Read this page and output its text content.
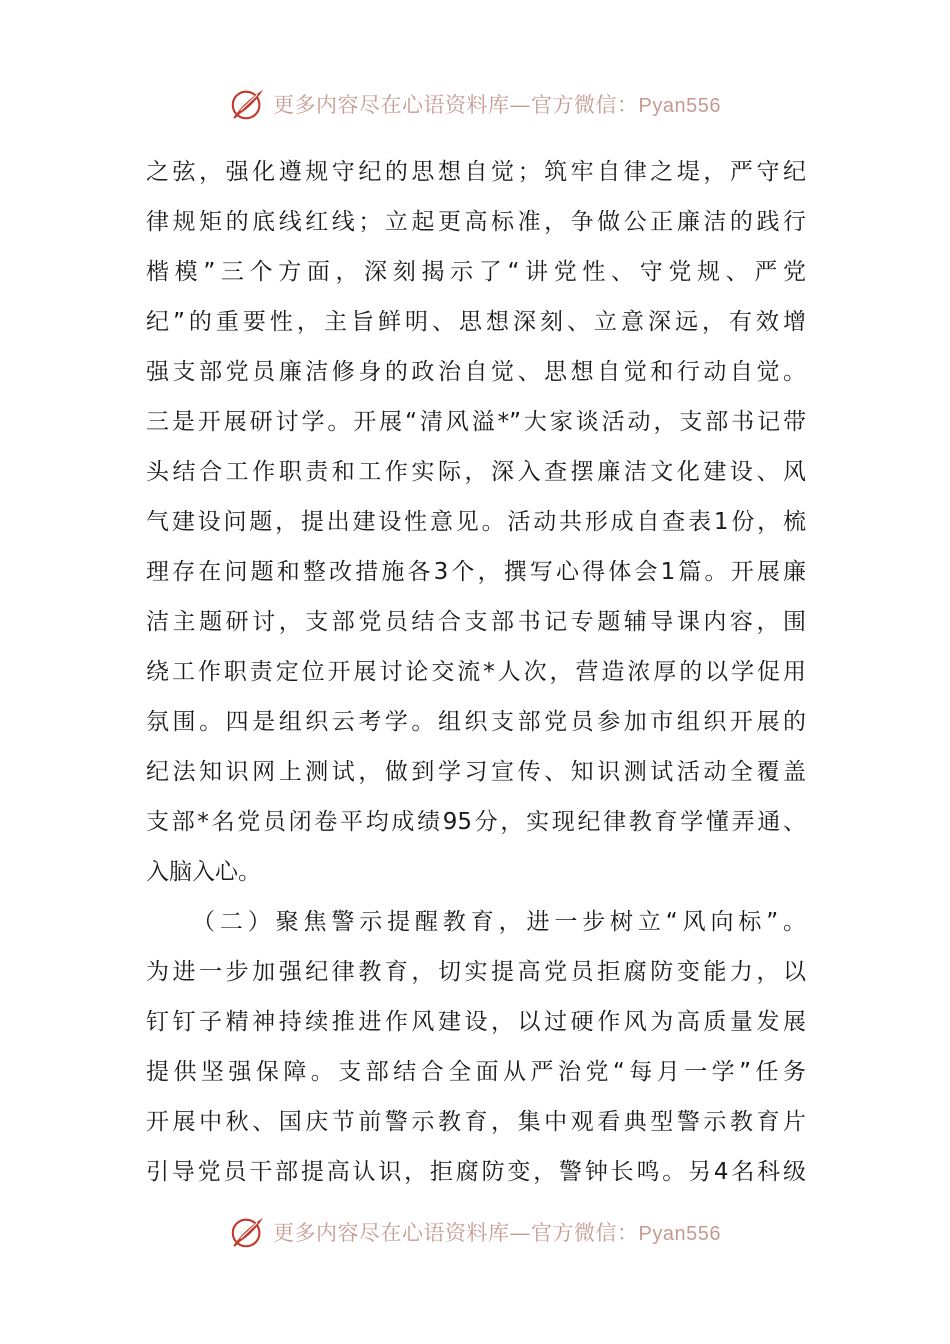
更多内容尽在心语资料库—官方微信：Pyan556
之弦，强化遵规守纪的思想自觉；筑牢自律之堤，严守纪
律规矩的底线红线；立起更高标准，争做公正廉洁的践行
楷模”三个方面，深刻揭示了“讲党性、守党规、严党
纪”的重要性，主旨鲜明、思想深刻、立意深远，有效增
强支部党员廉洁修身的政治自觉、思想自觉和行动自觉。
三是开展研讨学。开展“清风溢*”大家谈活动，支部书记带
头结合工作职责和工作实际，深入查摆廉洁文化建设、风
气建设问题，提出建设性意见。活动共形成自查表1份，梳
理存在问题和整改措施各3个，撰写心得体会1篇。开展廉
洁主题研讨，支部党员结合支部书记专题辅导课内容，围
绕工作职责定位开展讨论交流*人次，营造浓厚的以学促用
氛围。四是组织云考学。组织支部党员参加市组织开展的
纪法知识网上测试，做到学习宣传、知识测试活动全覆盖
支部*名党员闭卷平均成绩95分，实现纪律教育学懂弄通、
入脑入心。
（二）聚焦警示提醒教育，进一步树立“风向标”。
为进一步加强纪律教育，切实提高党员拒腐防变能力，以
钉钉子精神持续推进作风建设，以过硬作风为高质量发展
提供坚强保障。支部结合全面从严治党“每月一学”任务
开展中秋、国庆节前警示教育，集中观看典型警示教育片
引导党员干部提高认识，拒腐防变，警钟长鸣。另4名科级
更多内容尽在心语资料库—官方微信：Pyan556
